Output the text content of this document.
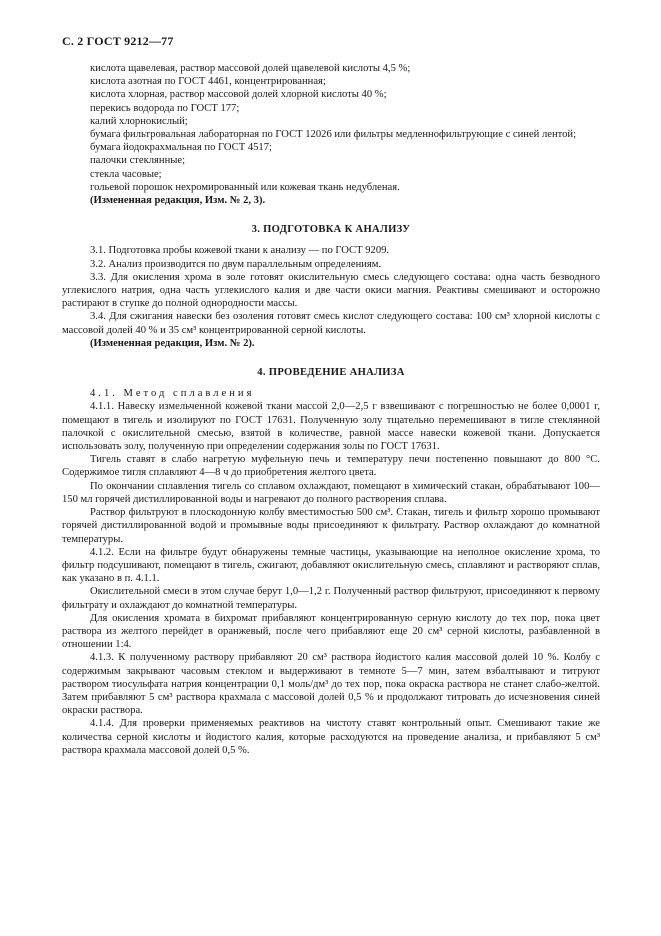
С. 2 ГОСТ 9212—77

кислота щавелевая, раствор массовой долей щавелевой кислоты 4,5 %;

кислота азотная по ГОСТ 4461, концентрированная;

кислота хлорная, раствор массовой долей хлорной кислоты 40 %;

перекись водорода по ГОСТ 177;

калий хлорнокислый;

бумага фильтровальная лабораторная по ГОСТ 12026 или фильтры медленнофильтрующие с синей лентой;

бумага йодокрахмальная по ГОСТ 4517;

палочки стеклянные;

стекла часовые;

гольевой порошок нехромированный или кожевая ткань недубленая.

(Измененная редакция, Изм. № 2, 3).

3. ПОДГОТОВКА К АНАЛИЗУ

3.1. Подготовка пробы кожевой ткани к анализу — по ГОСТ 9209.

3.2. Анализ производится по двум параллельным определениям.

3.3. Для окисления хрома в золе готовят окислительную смесь следующего состава: одна часть безводного углекислого натрия, одна часть углекислого калия и две части окиси магния. Реактивы смешивают и осторожно растирают в ступке до полной однородности массы.

3.4. Для сжигания навески без озоления готовят смесь кислот следующего состава: 100 см³ хлорной кислоты с массовой долей 40 % и 35 см³ концентрированной серной кислоты.

(Измененная редакция, Изм. № 2).

4. ПРОВЕДЕНИЕ АНАЛИЗА

4.1. Метод сплавления

4.1.1. Навеску измельченной кожевой ткани массой 2,0—2,5 г взвешивают с погрешностью не более 0,0001 г, помещают в тигель и изолируют по ГОСТ 17631. Полученную золу тщательно перемешивают в тигле стеклянной палочкой с окислительной смесью, взятой в количестве, равной массе навески кожевой ткани. Допускается использовать золу, полученную при определении содержания золы по ГОСТ 17631.

Тигель ставят в слабо нагретую муфельную печь и температуру печи постепенно повышают до 800 °С. Содержимое тигля сплавляют 4—8 ч до приобретения желтого цвета.

По окончании сплавления тигель со сплавом охлаждают, помещают в химический стакан, обрабатывают 100—150 мл горячей дистиллированной воды и нагревают до полного растворения сплава.

Раствор фильтруют в плоскодонную колбу вместимостью 500 см³. Стакан, тигель и фильтр хорошо промывают горячей дистиллированной водой и промывные воды присоединяют к фильтрату. Раствор охлаждают до комнатной температуры.

4.1.2. Если на фильтре будут обнаружены темные частицы, указывающие на неполное окисление хрома, то фильтр подсушивают, помещают в тигель, сжигают, добавляют окислительную смесь, сплавляют и растворяют сплав, как указано в п. 4.1.1.

Окислительной смеси в этом случае берут 1,0—1,2 г. Полученный раствор фильтруют, присоединяют к первому фильтрату и охлаждают до комнатной температуры.

Для окисления хромата в бихромат прибавляют концентрированную серную кислоту до тех пор, пока цвет раствора из желтого перейдет в оранжевый, после чего прибавляют еще 20 см³ серной кислоты, разбавленной в отношении 1:4.

4.1.3. К полученному раствору прибавляют 20 см³ раствора йодистого калия массовой долей 10 %. Колбу с содержимым закрывают часовым стеклом и выдерживают в темноте 5—7 мин, затем взбалтывают и титруют раствором тиосульфата натрия концентрации 0,1 моль/дм³ до тех пор, пока окраска раствора не станет слабо-желтой. Затем прибавляют 5 см³ раствора крахмала с массовой долей 0,5 % и продолжают титровать до исчезновения синей окраски раствора.

4.1.4. Для проверки применяемых реактивов на чистоту ставят контрольный опыт. Смешивают такие же количества серной кислоты и йодистого калия, которые расходуются на проведение анализа, и прибавляют 5 см³ раствора крахмала массовой долей 0,5 %.
